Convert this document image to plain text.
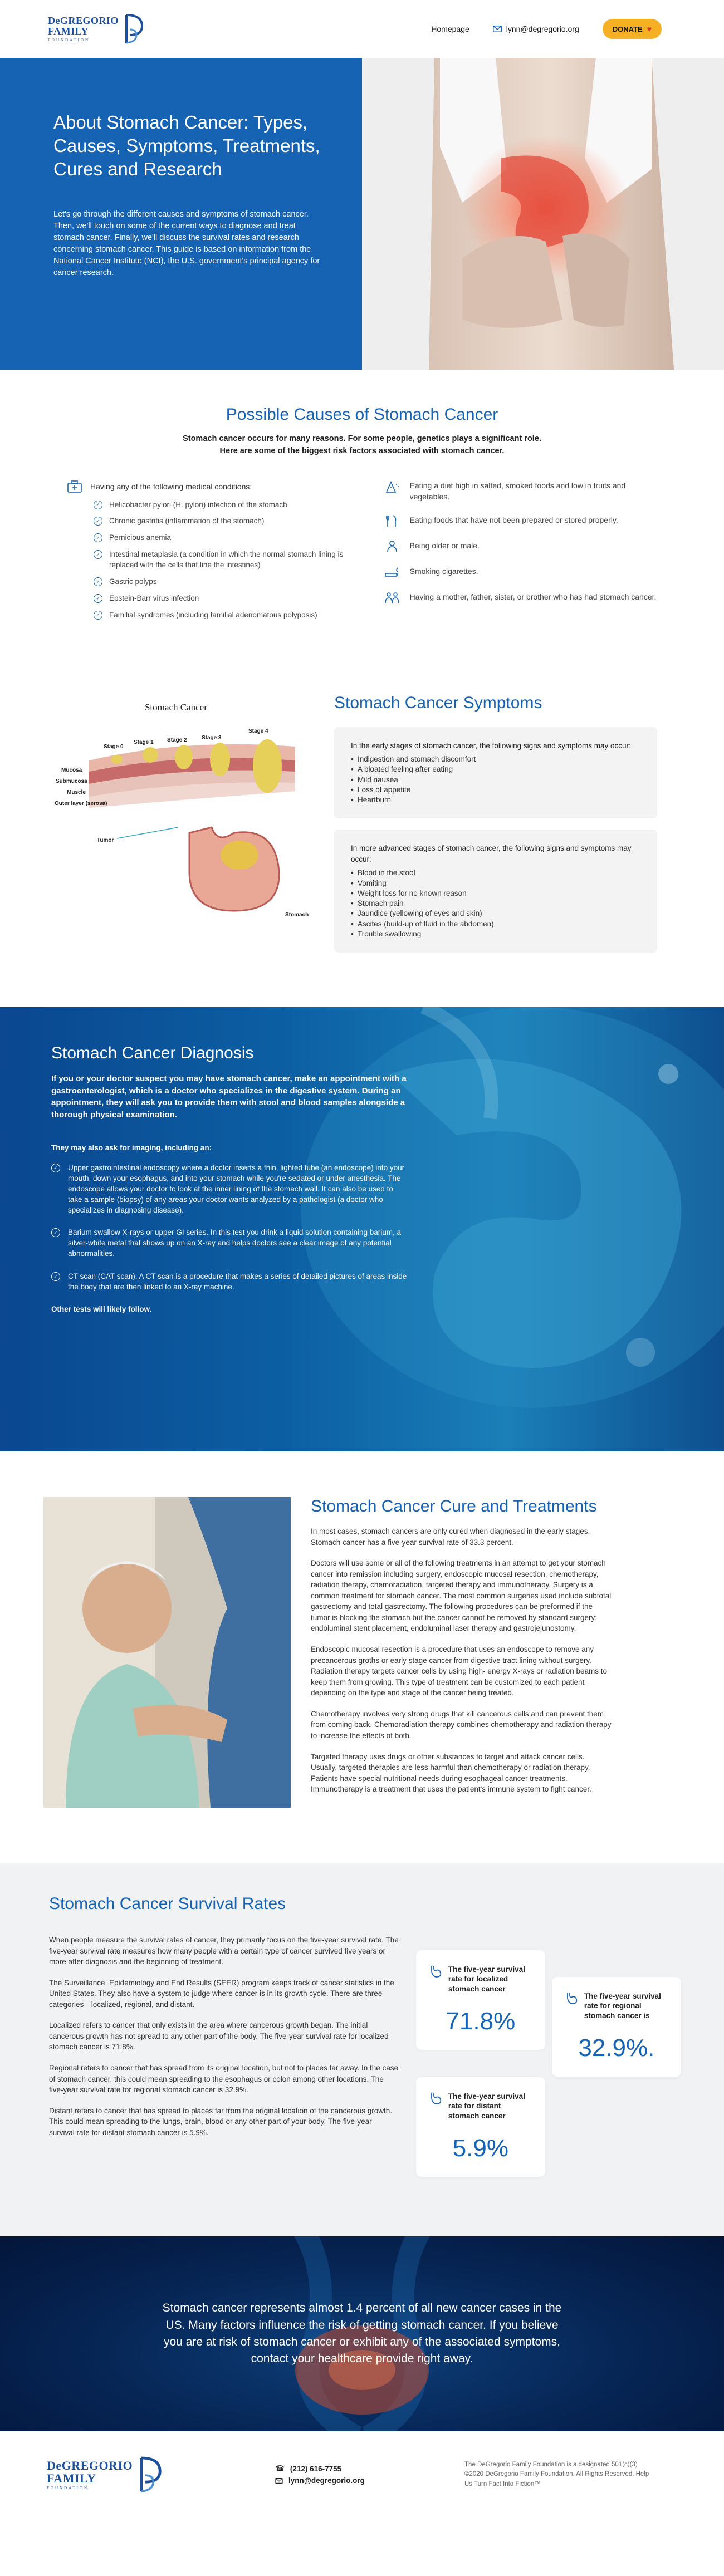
DeGREGORIO
FAMILY
FOUNDATION
Homepage	lynn@degregorio.org	DONATE ♥
About Stomach Cancer: Types, Causes, Symptoms, Treatments, Cures and Research

Let's go through the different causes and symptoms of stomach cancer. Then, we'll touch on some of the current ways to diagnose and treat stomach cancer. Finally, we'll discuss the survival rates and research concerning stomach cancer. This guide is based on information from the National Cancer Institute (NCI), the U.S. government's principal agency for cancer research.

Possible Causes of Stomach Cancer

Stomach cancer occurs for many reasons. For some people, genetics plays a significant role. Here are some of the biggest risk factors associated with stomach cancer.

Having any of the following medical conditions:
✓	Helicobacter pylori (H. pylori) infection of the stomach
✓	Chronic gastritis (inflammation of the stomach)
✓	Pernicious anemia
✓	Intestinal metaplasia (a condition in which the normal stomach lining is replaced with the cells that line the intestines)
✓	Gastric polyps
✓	Epstein-Barr virus infection
✓	Familial syndromes (including familial adenomatous polyposis)
Eating a diet high in salted, smoked foods and low in fruits and vegetables.
Eating foods that have not been prepared or stored properly.
Being older or male.
Smoking cigarettes.
Having a mother, father, sister, or brother who has had stomach cancer.
Stomach Cancer
Stage 0
Stage 1 Stage 2	Stage 3
Stage 4
Mucosa
Submucosa
Muscle
Outer layer (serosa)
Tumor
Stomach
Stomach Cancer Symptoms

In the early stages of stomach cancer, the following signs and symptoms may occur:

• Indigestion and stomach discomfort
• A bloated feeling after eating
• Mild nausea
• Loss of appetite
• Heartburn

In more advanced stages of stomach cancer, the following signs and symptoms may occur:

• Blood in the stool
• Vomiting
• Weight loss for no known reason
• Stomach pain
• Jaundice (yellowing of eyes and skin)
• Ascites (build-up of fluid in the abdomen)
• Trouble swallowing
Stomach Cancer Diagnosis

If you or your doctor suspect you may have stomach cancer, make an appointment with a gastroenterologist, which is a doctor who specializes in the digestive system. During an appointment, they will ask you to provide them with stool and blood samples alongside a thorough physical examination.

They may also ask for imaging, including an:

✓	Upper gastrointestinal endoscopy where a doctor inserts a thin, lighted tube (an endoscope) into your mouth, down your esophagus, and into your stomach while you're sedated or under anesthesia. The endoscope allows your doctor to look at the inner lining of the stomach wall. It can also be used to take a sample (biopsy) of any areas your doctor wants analyzed by a pathologist (a doctor who specializes in diagnosing disease).
✓	Barium swallow X-rays or upper GI series. In this test you drink a liquid solution containing barium, a silver-white metal that shows up on an X-ray and helps doctors see a clear image of any potential abnormalities.
✓	CT scan (CAT scan). A CT scan is a procedure that makes a series of detailed pictures of areas inside the body that are then linked to an X-ray machine.

Other tests will likely follow.

Stomach Cancer Cure and Treatments

In most cases, stomach cancers are only cured when diagnosed in the early stages. Stomach cancer has a five-year survival rate of 33.3 percent.

Doctors will use some or all of the following treatments in an attempt to get your stomach cancer into remission including surgery, endoscopic mucosal resection, chemotherapy, radiation therapy, chemoradiation, targeted therapy and immunotherapy. Surgery is a common treatment for stomach cancer. The most common surgeries used include subtotal gastrectomy and total gastrectomy. The following procedures can be preformed if the tumor is blocking the stomach but the cancer cannot be removed by standard surgery: endoluminal stent placement, endoluminal laser therapy and gastrojejunostomy.

Endoscopic mucosal resection is a procedure that uses an endoscope to remove any precancerous groths or early stage cancer from digestive tract lining without surgery. Radiation therapy targets cancer cells by using high- energy X-rays or radiation beams to keep them from growing. This type of treatment can be customized to each patient depending on the type and stage of the cancer being treated.

Chemotherapy involves very strong drugs that kill cancerous cells and can prevent them from coming back. Chemoradiation therapy combines chemotherapy and radiation therapy to increase the effects of both.

Targeted therapy uses drugs or other substances to target and attack cancer cells. Usually, targeted therapies are less harmful than chemotherapy or radiation therapy. Patients have special nutritional needs during esophageal cancer treatments. Immunotherapy is a treatment that uses the patient's immune system to fight cancer.

Stomach Cancer Survival Rates

When people measure the survival rates of cancer, they primarily focus on the five-year survival rate. The five-year survival rate measures how many people with a certain type of cancer survived five years or more after diagnosis and the beginning of treatment.

The Surveillance, Epidemiology and End Results (SEER) program keeps track of cancer statistics in the United States. They also have a system to judge where cancer is in its growth cycle. There are three categories—localized, regional, and distant.

Localized refers to cancer that only exists in the area where cancerous growth began. The initial cancerous growth has not spread to any other part of the body. The five-year survival rate for localized stomach cancer is 71.8%.

Regional refers to cancer that has spread from its original location, but not to places far away. In the case of stomach cancer, this could mean spreading to the esophagus or colon among other locations. The five-year survival rate for regional stomach cancer is 32.9%.

Distant refers to cancer that has spread to places far from the original location of the cancerous growth. This could mean spreading to the lungs, brain, blood or any other part of your body. The five-year survival rate for distant stomach cancer is 5.9%.

The five-year survival rate for localized stomach cancer
71.8%
The five-year survival rate for regional stomach cancer is
32.9%.
The five-year survival rate for distant stomach cancer
5.9%

Stomach cancer represents almost 1.4 percent of all new cancer cases in the US. Many factors influence the risk of getting stomach cancer. If you believe you are at risk of stomach cancer or exhibit any of the associated symptoms, contact your healthcare provide right away.

DeGREGORIO
FAMILY
FOUNDATION
☎ (212) 616-7755
lynn@degregorio.org

The DeGregorio Family Foundation is a designated 501(c)(3) ©2020 DeGregorio Family Foundation. All Rights Reserved. Help Us Turn Fact Into Fiction™
